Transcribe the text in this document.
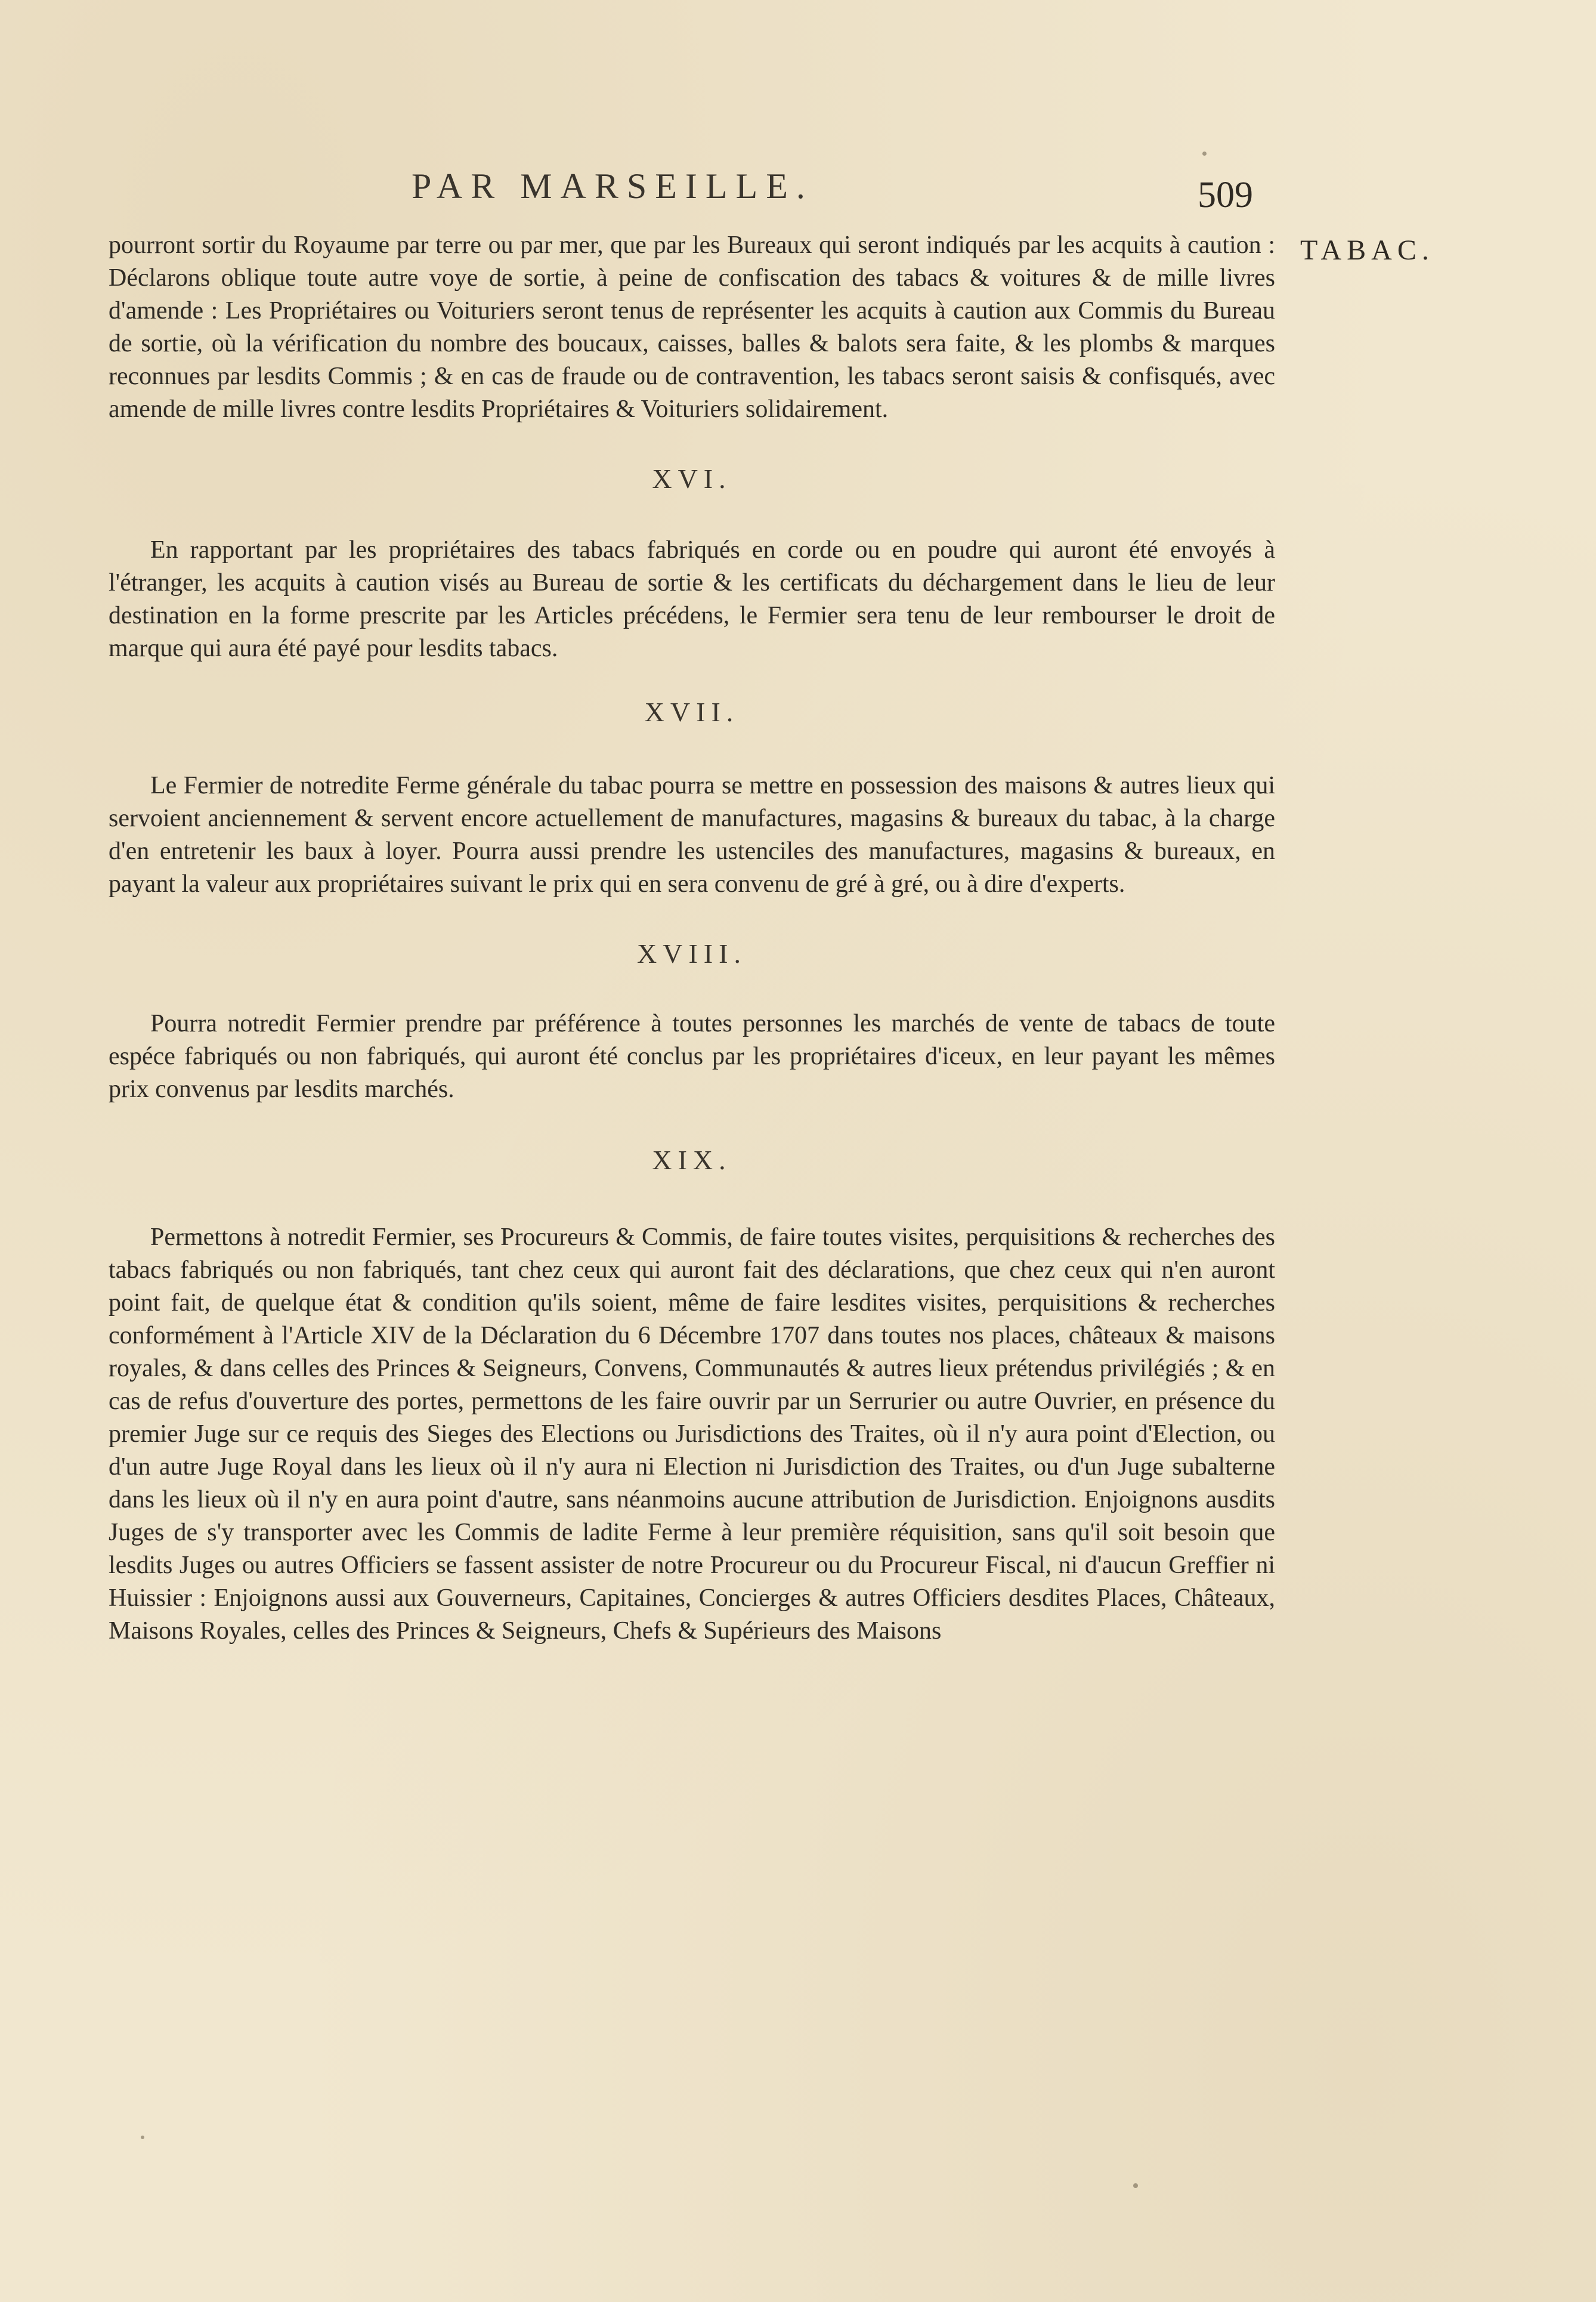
PAR MARSEILLE.	509
TABAC.

pourront sortir du Royaume par terre ou par mer, que par les Bureaux qui seront indiqués par les acquits à caution : Déclarons oblique toute autre voye de sortie, à peine de confiscation des tabacs & voitures & de mille livres d'amende : Les Propriétaires ou Voituriers seront tenus de représenter les acquits à caution aux Commis du Bureau de sortie, où la vérification du nombre des boucaux, caisses, balles & balots sera faite, & les plombs & marques reconnues par lesdits Commis ; & en cas de fraude ou de contravention, les tabacs seront saisis & confisqués, avec amende de mille livres contre lesdits Propriétaires & Voituriers solidairement.

XVI.

En rapportant par les propriétaires des tabacs fabriqués en corde ou en poudre qui auront été envoyés à l'étranger, les acquits à caution visés au Bureau de sortie & les certificats du déchargement dans le lieu de leur destination en la forme prescrite par les Articles précédens, le Fermier sera tenu de leur rembourser le droit de marque qui aura été payé pour lesdits tabacs.

XVII.

Le Fermier de notredite Ferme générale du tabac pourra se mettre en possession des maisons & autres lieux qui servoient anciennement & servent encore actuellement de manufactures, magasins & bureaux du tabac, à la charge d'en entretenir les baux à loyer. Pourra aussi prendre les ustenciles des manufactures, magasins & bureaux, en payant la valeur aux propriétaires suivant le prix qui en sera convenu de gré à gré, ou à dire d'experts.

XVIII.

Pourra notredit Fermier prendre par préférence à toutes personnes les marchés de vente de tabacs de toute espéce fabriqués ou non fabriqués, qui auront été conclus par les propriétaires d'iceux, en leur payant les mêmes prix convenus par lesdits marchés.

XIX.

Permettons à notredit Fermier, ses Procureurs & Commis, de faire toutes visites, perquisitions & recherches des tabacs fabriqués ou non fabriqués, tant chez ceux qui auront fait des déclarations, que chez ceux qui n'en auront point fait, de quelque état & condition qu'ils soient, même de faire lesdites visites, perquisitions & recherches conformément à l'Article XIV de la Déclaration du 6 Décembre 1707 dans toutes nos places, châteaux & maisons royales, & dans celles des Princes & Seigneurs, Convens, Communautés & autres lieux prétendus privilégiés ; & en cas de refus d'ouverture des portes, permettons de les faire ouvrir par un Serrurier ou autre Ouvrier, en présence du premier Juge sur ce requis des Sieges des Elections ou Jurisdictions des Traites, où il n'y aura point d'Election, ou d'un autre Juge Royal dans les lieux où il n'y aura ni Election ni Jurisdiction des Traites, ou d'un Juge subalterne dans les lieux où il n'y en aura point d'autre, sans néanmoins aucune attribution de Jurisdiction. Enjoignons ausdits Juges de s'y transporter avec les Commis de ladite Ferme à leur première réquisition, sans qu'il soit besoin que lesdits Juges ou autres Officiers se fassent assister de notre Procureur ou du Procureur Fiscal, ni d'aucun Greffier ni Huissier : Enjoignons aussi aux Gouverneurs, Capitaines, Concierges & autres Officiers desdites Places, Châteaux, Maisons Royales, celles des Princes & Seigneurs, Chefs & Supérieurs des Maisons
